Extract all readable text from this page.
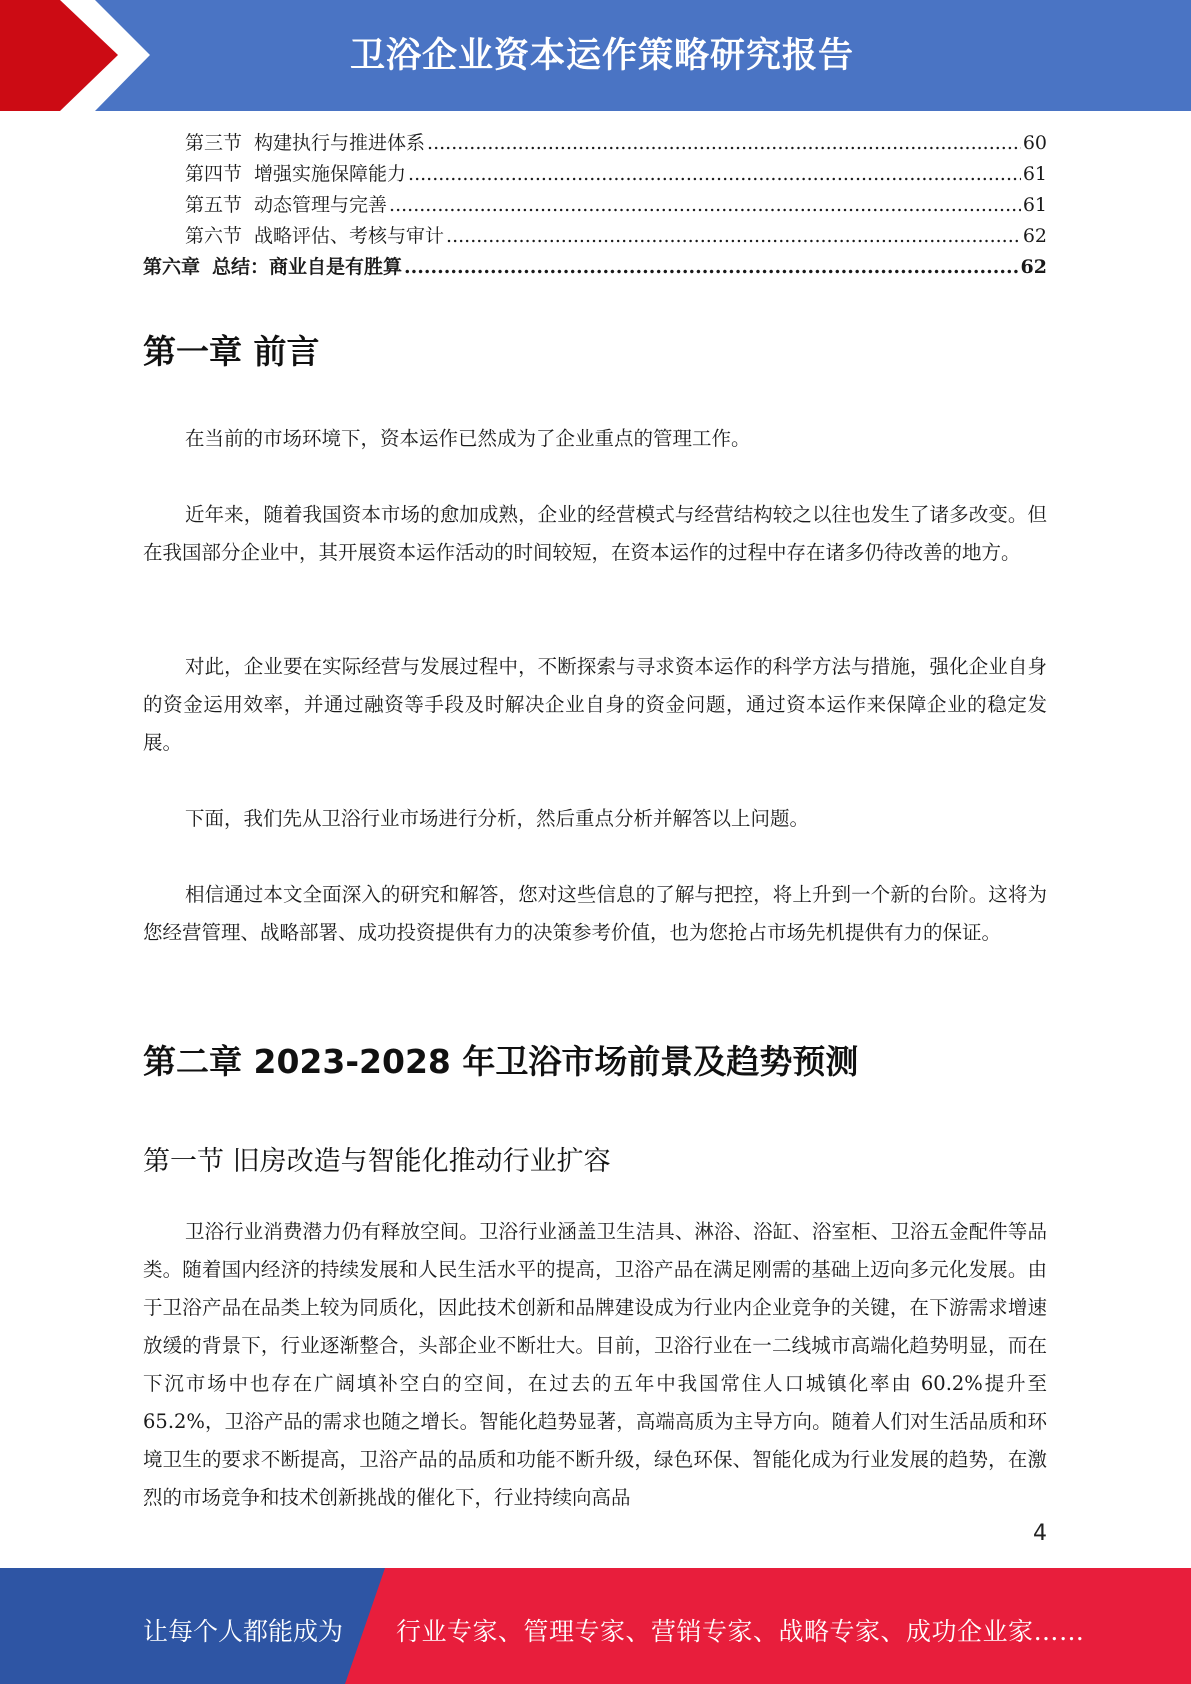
卫浴企业资本运作策略研究报告
第三节 构建执行与推进体系 .....	60
第四节 增强实施保障能力 .....	61
第五节 动态管理与完善 .....	61
第六节 战略评估、考核与审计 .....	62
第六章 总结：商业自是有胜算 .....	62
第一章 前言

在当前的市场环境下，资本运作已然成为了企业重点的管理工作。

近年来，随着我国资本市场的愈加成熟，企业的经营模式与经营结构较之以往也发生了诸多改变。但在我国部分企业中，其开展资本运作活动的时间较短，在资本运作的过程中存在诸多仍待改善的地方。

对此，企业要在实际经营与发展过程中，不断探索与寻求资本运作的科学方法与措施，强化企业自身的资金运用效率，并通过融资等手段及时解决企业自身的资金问题，通过资本运作来保障企业的稳定发展。

下面，我们先从卫浴行业市场进行分析，然后重点分析并解答以上问题。

相信通过本文全面深入的研究和解答，您对这些信息的了解与把控，将上升到一个新的台阶。这将为您经营管理、战略部署、成功投资提供有力的决策参考价值，也为您抢占市场先机提供有力的保证。

第二章 2023-2028 年卫浴市场前景及趋势预测
第一节 旧房改造与智能化推动行业扩容

卫浴行业消费潜力仍有释放空间。卫浴行业涵盖卫生洁具、淋浴、浴缸、浴室柜、卫浴五金配件等品类。随着国内经济的持续发展和人民生活水平的提高，卫浴产品在满足刚需的基础上迈向多元化发展。由于卫浴产品在品类上较为同质化，因此技术创新和品牌建设成为行业内企业竞争的关键，在下游需求增速放缓的背景下，行业逐渐整合，头部企业不断壮大。目前，卫浴行业在一二线城市高端化趋势明显，而在下沉市场中也存在广阔填补空白的空间，在过去的五年中我国常住人口城镇化率由 60.2%提升至 65.2%，卫浴产品的需求也随之增长。智能化趋势显著，高端高质为主导方向。随着人们对生活品质和环境卫生的要求不断提高，卫浴产品的品质和功能不断升级，绿色环保、智能化成为行业发展的趋势，在激烈的市场竞争和技术创新挑战的催化下，行业持续向高品

4
让每个人都能成为 行业专家、管理专家、营销专家、战略专家、成功企业家……
